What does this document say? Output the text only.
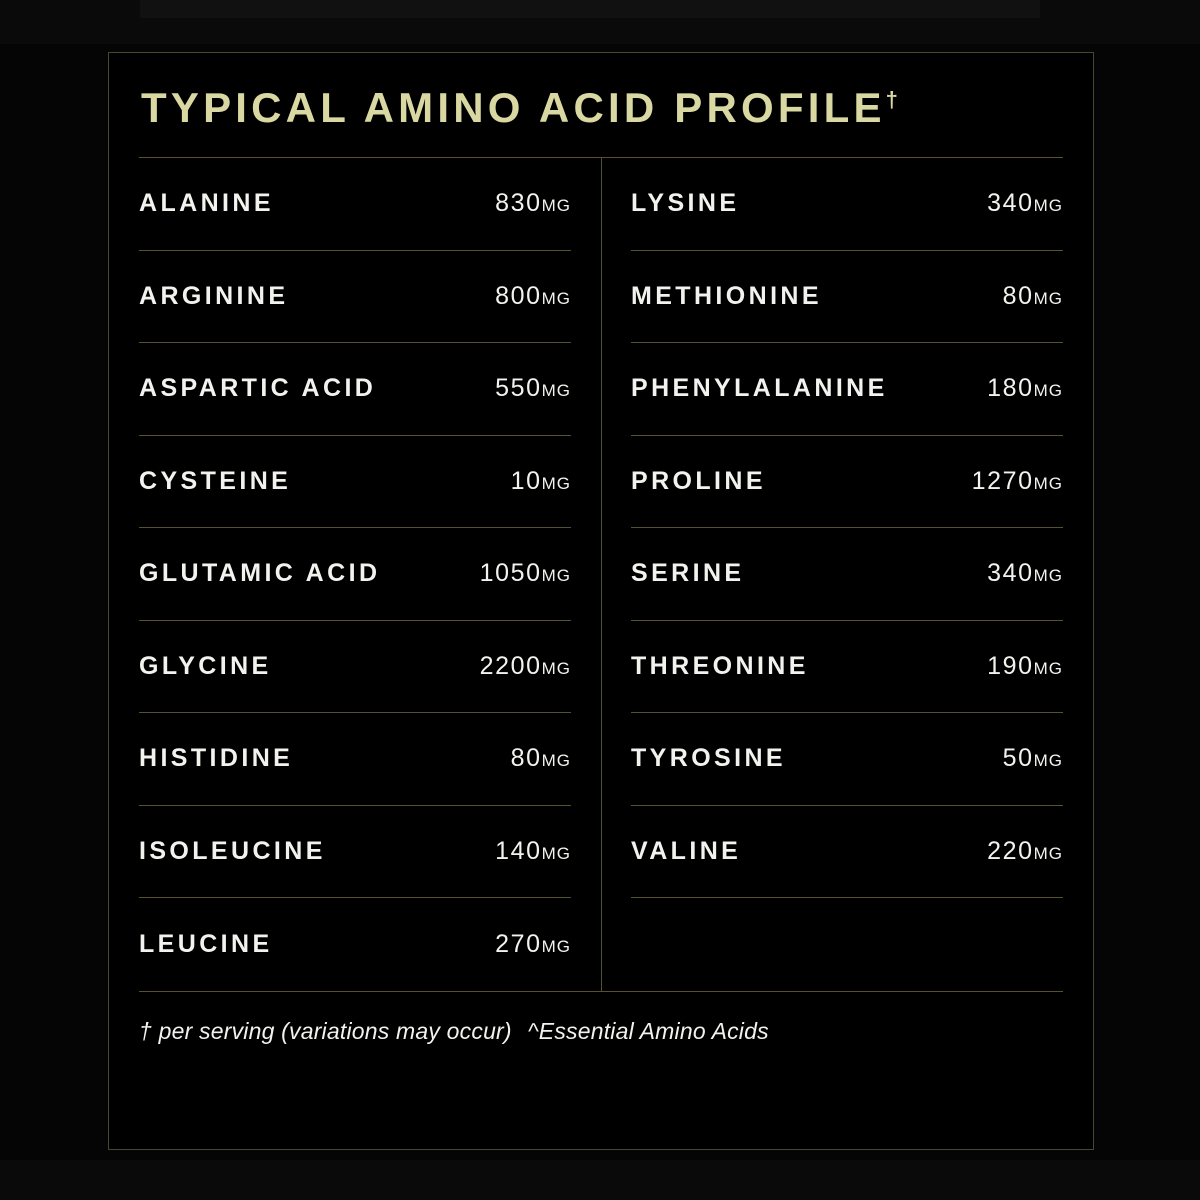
TYPICAL AMINO ACID PROFILE†
ALANINE	830MG
ARGININE	800MG
ASPARTIC ACID	550MG
CYSTEINE	10MG
GLUTAMIC ACID	1050MG
GLYCINE	2200MG
HISTIDINE	80MG
ISOLEUCINE	140MG
LEUCINE	270MG
LYSINE	340MG
METHIONINE	80MG
PHENYLALANINE	180MG
PROLINE	1270MG
SERINE	340MG
THREONINE	190MG
TYROSINE	50MG
VALINE	220MG
† per serving (variations may occur) ^Essential Amino Acids
